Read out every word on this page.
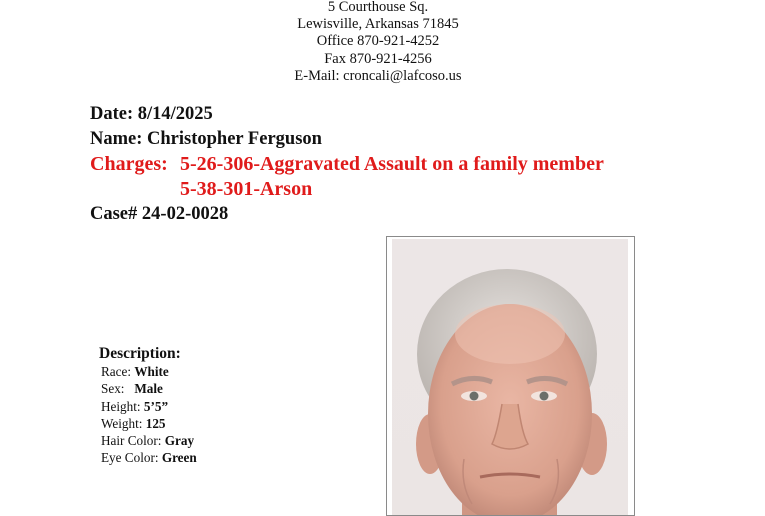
5 Courthouse Sq.
Lewisville, Arkansas 71845
Office 870-921-4252
Fax 870-921-4256
E-Mail: croncali@lafcoso.us
Date: 8/14/2025
Name: Christopher Ferguson
Charges: 5-26-306-Aggravated Assault on a family member
5-38-301-Arson
Case# 24-02-0028
Description:
Race: White
Sex: Male
Height: 5’5”
Weight: 125
Hair Color: Gray
Eye Color: Green
